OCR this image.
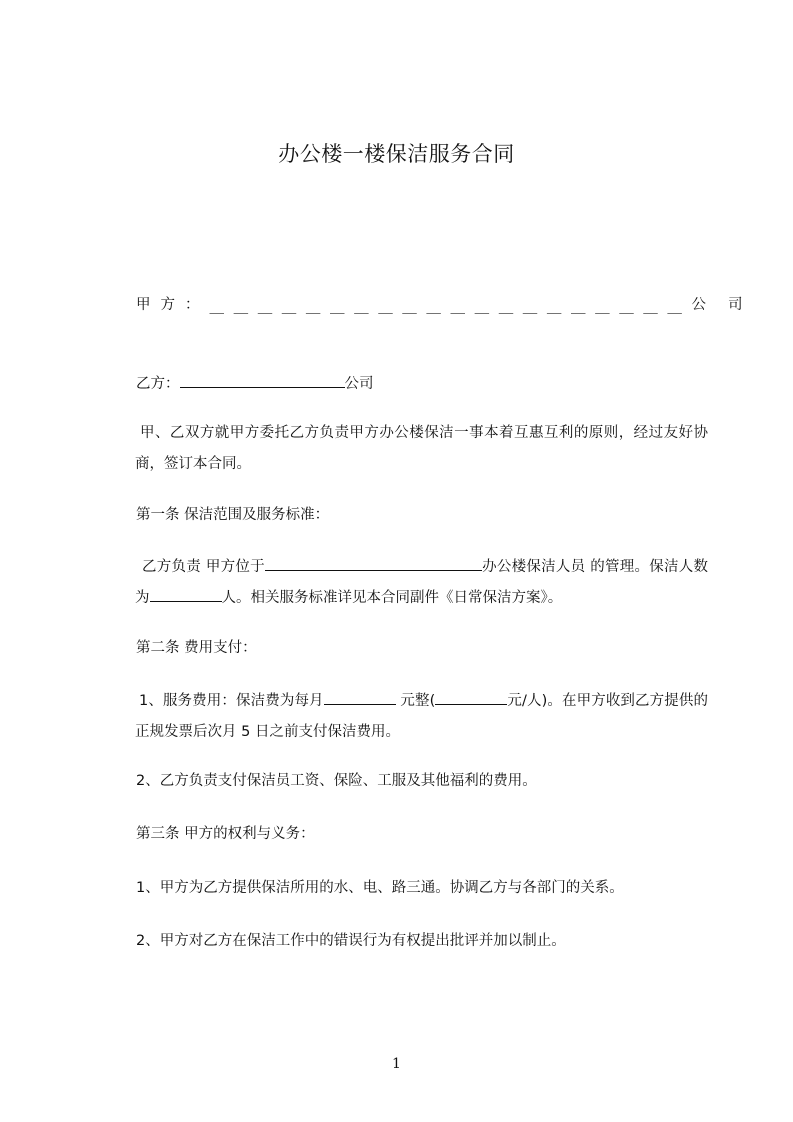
办公楼一楼保洁服务合同
甲方： ＿＿＿＿＿＿＿＿＿＿＿＿＿＿＿＿＿＿＿＿ 公司
乙方：	公司
甲、乙双方就甲方委托乙方负责甲方办公楼保洁一事本着互惠互利的原则，经过友好协商，签订本合同。
第一条 保洁范围及服务标准：
乙方负责 甲方位于	办公楼保洁人员 的管理。保洁人数为	人。相关服务标准详见本合同副件《日常保洁方案》。
第二条 费用支付：
1、服务费用：保洁费为每月	元整(	元/人)。在甲方收到乙方提供的正规发票后次月 5 日之前支付保洁费用。
2、乙方负责支付保洁员工资、保险、工服及其他福利的费用。
第三条 甲方的权利与义务：
1、甲方为乙方提供保洁所用的水、电、路三通。协调乙方与各部门的关系。
2、甲方对乙方在保洁工作中的错误行为有权提出批评并加以制止。
1
